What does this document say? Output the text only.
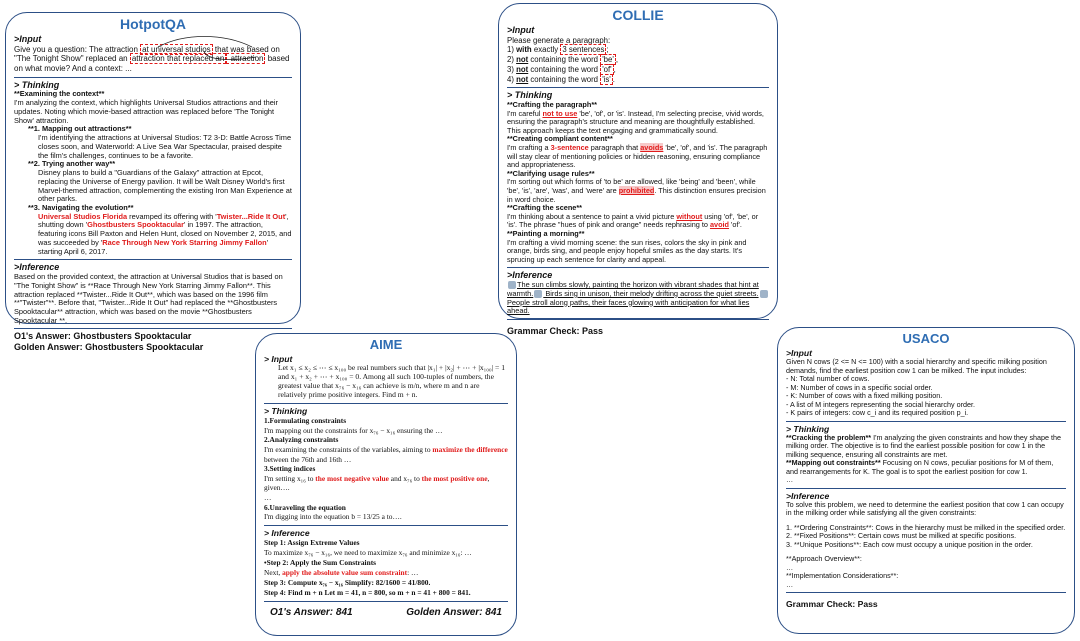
HotpotQA
>Input
Give you a question: The attraction at universal studios that was based on "The Tonight Show" replaced an attraction that replaced an attraction based on what movie? And a context: ...
> Thinking
**Examining the context**
I'm analyzing the context, which highlights Universal Studios attractions and their updates. Noting which movie-based attraction was replaced before 'The Tonight Show' attraction.
**1. Mapping out attractions**
I'm identifying the attractions at Universal Studios: T2 3-D: Battle Across Time closes soon, and Waterworld: A Live Sea War Spectacular, praised despite the film's challenges, continues to be a favorite.
**2. Trying another way**
Disney plans to build a "Guardians of the Galaxy" attraction at Epcot, replacing the Universe of Energy pavilion. It will be Walt Disney World's first Marvel-themed attraction, complementing the existing Iron Man Experience at other parks.
**3. Navigating the evolution**
Universal Studios Florida revamped its offering with 'Twister...Ride It Out', shutting down 'Ghostbusters Spooktacular' in 1997. The attraction, featuring icons Bill Paxton and Helen Hunt, closed on November 2, 2015, and was succeeded by 'Race Through New York Starring Jimmy Fallon' starting April 6, 2017.
>Inference
Based on the provided context, the attraction at Universal Studios that is based on "The Tonight Show" is **Race Through New York Starring Jimmy Fallon**. This attraction replaced **Twister...Ride It Out**, which was based on the 1996 film **"Twister"**. Before that, "Twister...Ride It Out" had replaced the **Ghostbusters Spooktacular** attraction, which was based on the movie **Ghostbusters Spooktacular **.
O1's Answer: Ghostbusters Spooktacular
Golden Answer: Ghostbusters Spooktacular
COLLIE
>Input
Please generate a paragraph:
1) with exactly 3 sentences ;
2) not containing the word 'be' ,
3) not containing the word 'of' ,
4) not containing the word 'is' .
> Thinking
**Crafting the paragraph**
I'm careful not to use 'be', 'of', or 'is'. Instead, I'm selecting precise, vivid words, ensuring the paragraph's structure and meaning are thoughtfully established. This approach keeps the text engaging and grammatically sound.
**Creating compliant content**
I'm crafting a 3-sentence paragraph that avoids 'be', 'of', and 'is'. The paragraph will stay clear of mentioning policies or hidden reasoning, ensuring compliance and appropriateness.
**Clarifying usage rules**
I'm sorting out which forms of 'to be' are allowed, like 'being' and 'been', while 'be', 'is', 'are', 'was', and 'were' are prohibited. This distinction ensures precision in word choice.
**Crafting the scene**
I'm thinking about a sentence to paint a vivid picture without using 'of', 'be', or 'is'. The phrase "hues of pink and orange" needs rephrasing to avoid 'of'.
**Painting a morning**
I'm crafting a vivid morning scene: the sun rises, colors the sky in pink and orange, birds sing, and people enjoy hopeful smiles as the day starts. It's sprucing up each sentence for clarity and appeal.
>Inference
The sun climbs slowly, painting the horizon with vibrant shades that hint at warmth. Birds sing in unison, their melody drifting across the quiet streets. People stroll along paths, their faces glowing with anticipation for what lies ahead.
Grammar Check: Pass
AIME
> Input
Let x₁ ≤ x₂ ≤ ⋯ ≤ x₁₀₀ be real numbers such that |x₁| + |x₂| + ⋯ + |x₁₀₀| = 1 and x₁ + x₂ + ⋯ + x₁₀₀ = 0. Among all such 100-tuples of numbers, the greatest value that x₇₆ − x₁₆ can achieve is m/n, where m and n are relatively prime positive integers. Find m + n.
> Thinking
1.Formulating constraints
I'm mapping out the constraints for x₇₆ − x₁₆ ensuring the …
2.Analyzing constraints
I'm examining the constraints of the variables, aiming to maximize the difference between the 76th and 16th …
3.Setting indices
I'm setting x₁₆ to the most negative value and x₇₆ to the most positive one, given….
…
6.Unraveling the equation
I'm digging into the equation b = 13/25 a to….
> Inference
Step 1: Assign Extreme Values
To maximize x₇₆ − x₁₆, we need to maximize x₇₆ and minimize x₁₆: …
•Step 2: Apply the Sum Constraints
Next, apply the absolute value sum constraint: …
Step 3: Compute x₇₆ − x₁₆ Simplify: 82/1600 = 41/800.
Step 4: Find m + n Let m = 41, n = 800, so m + n = 41 + 800 = 841.
O1's Answer: 841	Golden Answer: 841
USACO
>Input
Given N cows (2 <= N <= 100) with a social hierarchy and specific milking position demands, find the earliest position cow 1 can be milked. The input includes:
- N: Total number of cows.
- M: Number of cows in a specific social order.
- K: Number of cows with a fixed milking position.
- A list of M integers representing the social hierarchy order.
- K pairs of integers: cow c_i and its required position p_i.
> Thinking
**Cracking the problem** I'm analyzing the given constraints and how they shape the milking order. The objective is to find the earliest possible position for cow 1 in the milking sequence, ensuring all constraints are met.
**Mapping out constraints** Focusing on N cows, peculiar positions for M of them, and rearrangements for K. The goal is to spot the earliest position for cow 1.
…
>Inference
To solve this problem, we need to determine the earliest position that cow 1 can occupy in the milking order while satisfying all the given constraints:
1. **Ordering Constraints**: Cows in the hierarchy must be milked in the specified order.
2. **Fixed Positions**: Certain cows must be milked at specific positions.
3. **Unique Positions**: Each cow must occupy a unique position in the order.
**Approach Overview**:
…
**Implementation Considerations**:
…
Grammar Check: Pass
